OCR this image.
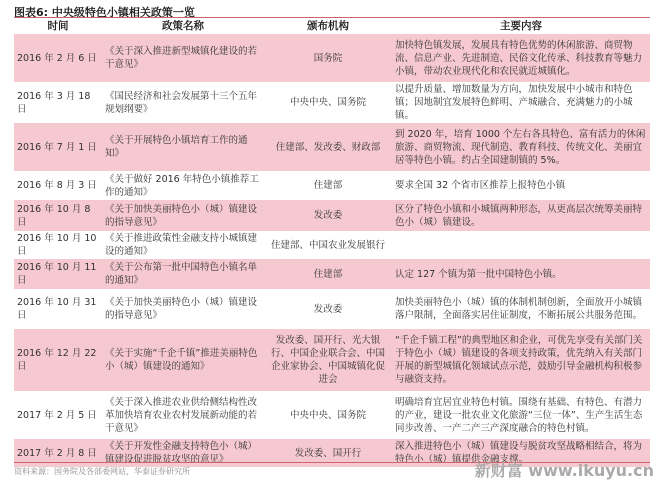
图表6: 中央级特色小镇相关政策一览
时间	政策名称	颁布机构	主要内容
2016 年 2 月 6 日	《关于深入推进新型城镇化建设的若干意见》	国务院	加快特色镇发展，发展具有特色优势的休闲旅游、商贸物流、信息产业、先进制造、民俗文化传承、科技教育等魅力小镇，带动农业现代化和农民就近城镇化。
2016 年 3 月 18 日	《国民经济和社会发展第十三个五年规划纲要》	中央中央、国务院	以提升质量、增加数量为方向，加快发展中小城市和特色镇；因地制宜发展特色鲜明、产城融合、充满魅力的小城镇。
2016 年 7 月 1 日	《关于开展特色小镇培育工作的通知》	住建部、发改委、财政部	到 2020 年，培育 1000 个左右各具特色、富有活力的休闲旅游、商贸物流、现代制造、教育科技、传统文化、美丽宜居等特色小镇。约占全国建制镇的 5%。
2016 年 8 月 3 日	《关于做好 2016 年特色小镇推荐工作的通知》	住建部	要求全国 32 个省市区推荐上报特色小镇
2016 年 10 月 8 日	《关于加快美丽特色小（城）镇建设的指导意见》	发改委	区分了特色小镇和小城镇两种形态，从更高层次统筹美丽特色小（城）镇建设。
2016 年 10 月 10 日	《关于推进政策性金融支持小城镇建设的通知》	住建部、中国农业发展银行	
2016 年 10 月 11 日	《关于公布第一批中国特色小镇名单的通知》	住建部	认定 127 个镇为第一批中国特色小镇。
2016 年 10 月 31 日	《关于加快美丽特色小（城）镇建设的指导意见》	发改委	加快美丽特色小（城）镇的体制机制创新，全面放开小城镇落户限制，全面落实居住证制度，不断拓展公共服务范围。
2016 年 12 月 22 日	《关于实施“千企千镇”推进美丽特色小（城）镇建设的通知》	发改委、国开行、光大银行、中国企业联合会、中国企业家协会、中国城镇化促进会	“千企千镇工程”的典型地区和企业，可优先享受有关部门关于特色小（城）镇建设的各项支持政策，优先纳入有关部门开展的新型城镇化领域试点示范，鼓励引导金融机构积极参与融资支持。
2017 年 2 月 5 日	《关于深入推进农业供给侧结构性改革加快培育农业农村发展新动能的若干意见》	中央中央、国务院	明确培育宜居宜业特色村镇。围绕有基础、有特色、有潜力的产业，建设一批农业文化旅游“三位一体”、生产生活生态同步改善、一产二产三产深度融合的特色村镇。
2017 年 2 月 8 日	《关于开发性金融支持特色小（城）镇建设促进脱贫攻坚的意见》	发改委、国开行	深入推进特色小（城）镇建设与脱贫攻坚战略相结合，将为特色小（城）镇提供金融支撑。
资料来源：国务院及各部委网站，华泰证券研究所	新财富 www.ikuyu.cn
